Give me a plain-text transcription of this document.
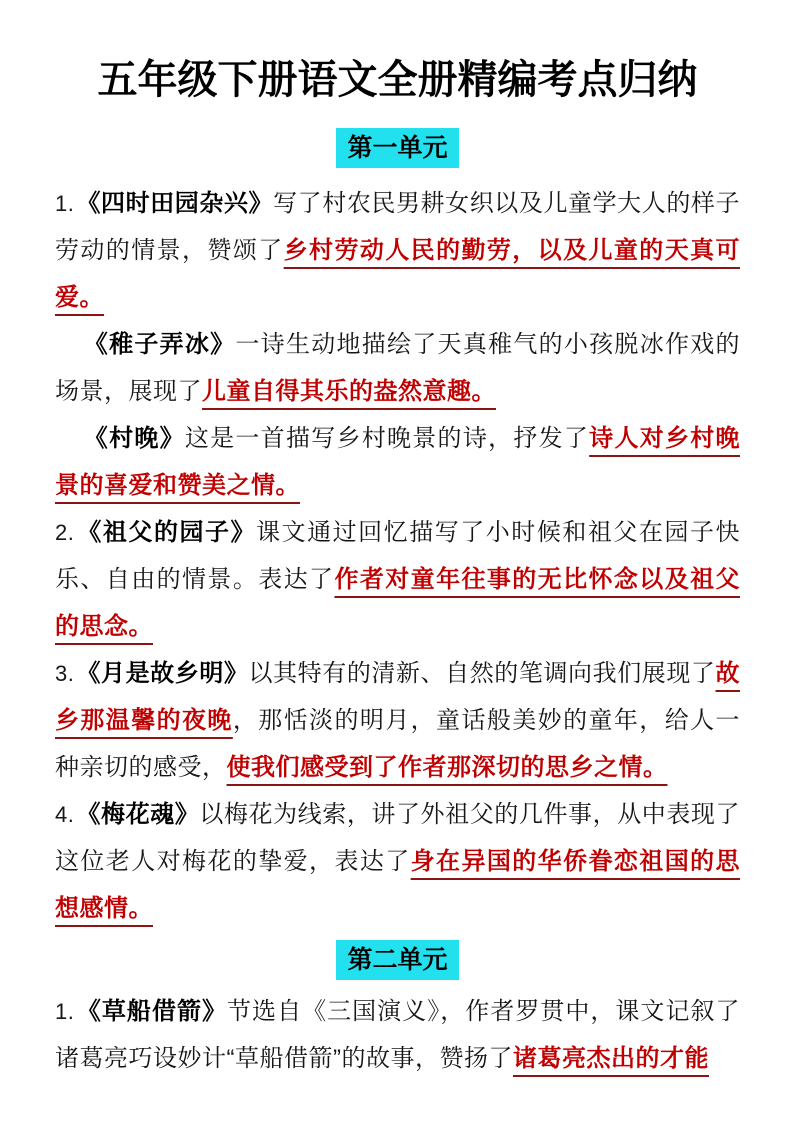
五年级下册语文全册精编考点归纳
第一单元

1.《四时田园杂兴》写了村农民男耕女织以及儿童学大人的样子劳动的情景，赞颂了乡村劳动人民的勤劳，以及儿童的天真可爱。

《稚子弄冰》一诗生动地描绘了天真稚气的小孩脱冰作戏的场景，展现了儿童自得其乐的盎然意趣。

《村晚》这是一首描写乡村晚景的诗，抒发了诗人对乡村晚景的喜爱和赞美之情。

2.《祖父的园子》课文通过回忆描写了小时候和祖父在园子快乐、自由的情景。表达了作者对童年往事的无比怀念以及祖父的思念。

3.《月是故乡明》以其特有的清新、自然的笔调向我们展现了故乡那温馨的夜晚，那恬淡的明月，童话般美妙的童年，给人一种亲切的感受，使我们感受到了作者那深切的思乡之情。

4.《梅花魂》以梅花为线索，讲了外祖父的几件事，从中表现了这位老人对梅花的挚爱，表达了身在异国的华侨眷恋祖国的思想感情。

第二单元

1.《草船借箭》节选自《三国演义》，作者罗贯中，课文记叙了诸葛亮巧设妙计“草船借箭”的故事，赞扬了诸葛亮杰出的才能
